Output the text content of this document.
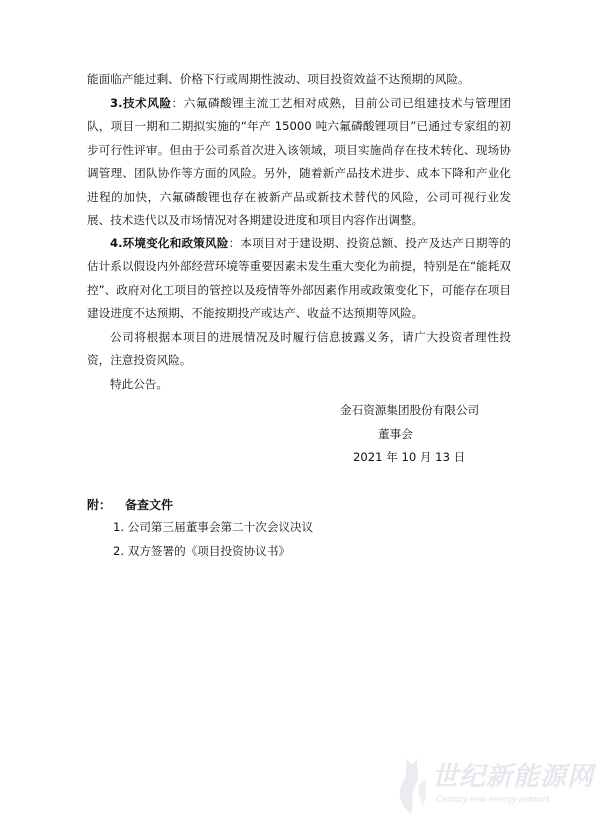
能面临产能过剩、价格下行或周期性波动、项目投资效益不达预期的风险。

3.技术风险：六氟磷酸锂主流工艺相对成熟，目前公司已组建技术与管理团队，项目一期和二期拟实施的“年产 15000 吨六氟磷酸锂项目”已通过专家组的初步可行性评审。但由于公司系首次进入该领域，项目实施尚存在技术转化、现场协调管理、团队协作等方面的风险。另外，随着新产品技术进步、成本下降和产业化进程的加快，六氟磷酸锂也存在被新产品或新技术替代的风险，公司可视行业发展、技术迭代以及市场情况对各期建设进度和项目内容作出调整。

4.环境变化和政策风险：本项目对于建设期、投资总额、投产及达产日期等的估计系以假设内外部经营环境等重要因素未发生重大变化为前提，特别是在“能耗双控”、政府对化工项目的管控以及疫情等外部因素作用或政策变化下，可能存在项目建设进度不达预期、不能按期投产或达产、收益不达预期等风险。

公司将根据本项目的进展情况及时履行信息披露义务，请广大投资者理性投资，注意投资风险。

特此公告。

金石资源集团股份有限公司
董事会
2021 年 10 月 13 日
附： 备查文件
1. 公司第三届董事会第二十次会议决议
2. 双方签署的《项目投资协议书》
世纪新能源网
Century new energy network
